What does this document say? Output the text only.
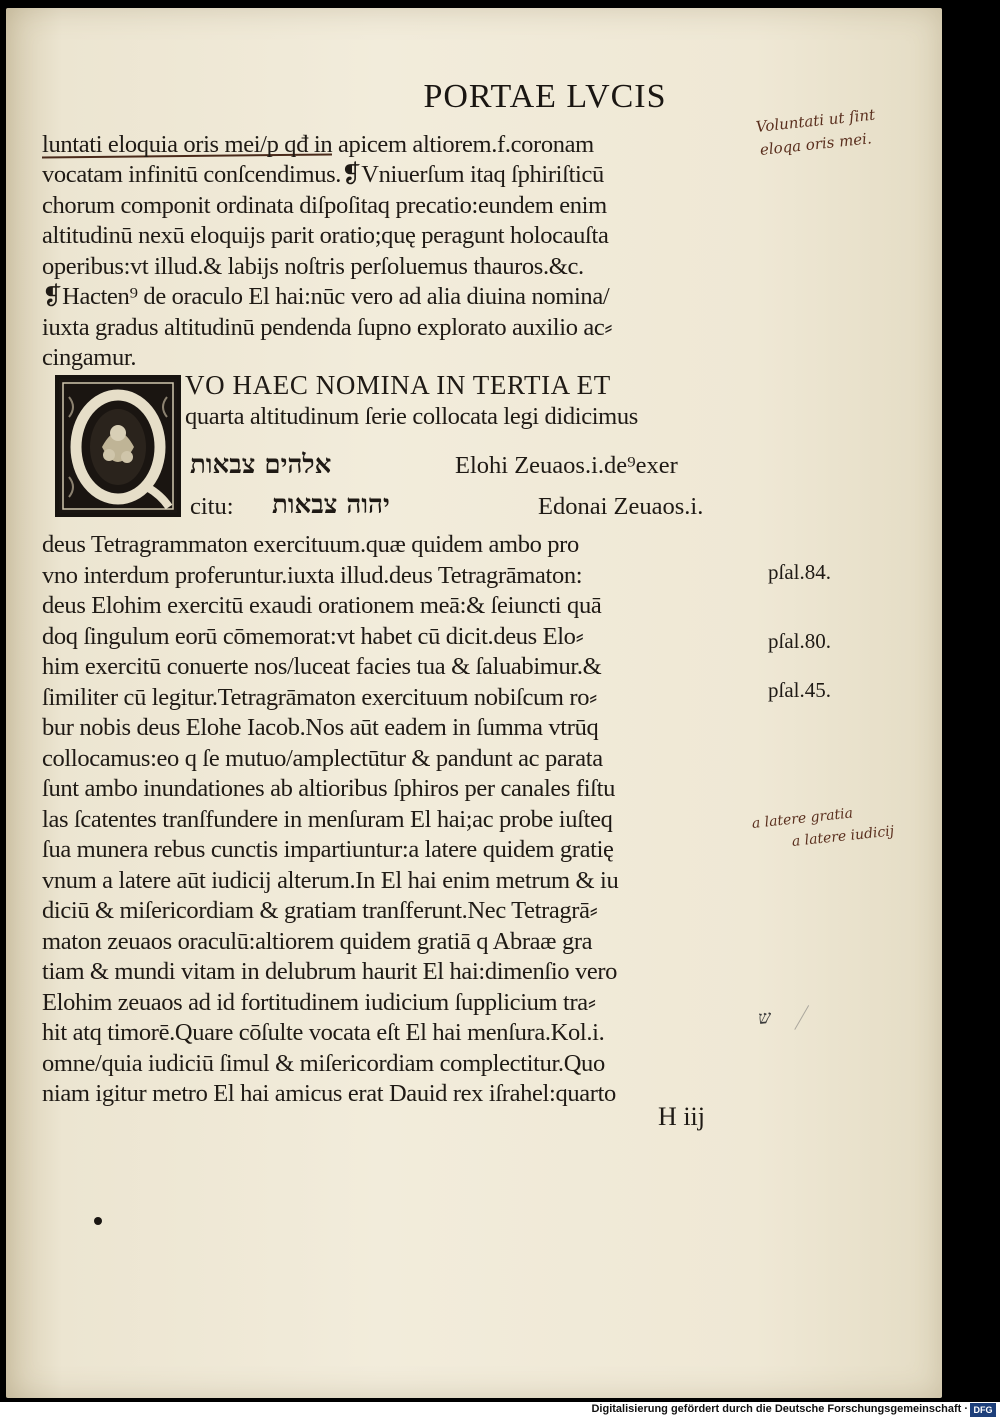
PORTAE LVCIS
luntati eloquia oris mei/p qđ in apicem altiorem.f.coronam
vocatam infinitū conſcendimus.❡Vniuerſum itaq ſphiriſticū
chorum componit ordinata diſpoſitaq precatio:eundem enim
altitudinū nexū eloquijs parit oratio;quę peragunt holocauſta
operibus:vt illud.& labijs noſtris perſoluemus thauros.&c.
❡Hacten⁹ de oraculo El hai:nūc vero ad alia diuina nomina/
iuxta gradus altitudinū pendenda ſupno explorato auxilio ac⸗
cingamur.
VO HAEC NOMINA IN TERTIA ET
quarta altitudinum ſerie collocata legi didicimus
אלהים צבאות	Elohi Zeuaos.i.de⁹exer
citu: יהוה צבאות	Edonai Zeuaos.i.
deus Tetragrammaton exercituum.quæ quidem ambo pro
vno interdum proferuntur.iuxta illud.deus Tetragrāmaton:
deus Elohim exercitū exaudi orationem meā:& ſeiuncti quā
doq ſingulum eorū cōmemorat:vt habet cū dicit.deus Elo⸗
him exercitū conuerte nos/luceat facies tua & ſaluabimur.&
ſimiliter cū legitur.Tetragrāmaton exercituum nobiſcum ro⸗
bur nobis deus Elohe Iacob.Nos aūt eadem in ſumma vtrūq
collocamus:eo q ſe mutuo/amplectūtur & pandunt ac parata
ſunt ambo inundationes ab altioribus ſphiros per canales fiſtu
las ſcatentes tranſfundere in menſuram El hai;ac probe iuſteq
ſua munera rebus cunctis impartiuntur:a latere quidem gratię
vnum a latere aūt iudicij alterum.In El hai enim metrum & iu
diciū & miſericordiam & gratiam tranſferunt.Nec Tetragrā⸗
maton zeuaos oraculū:altiorem quidem gratiā q Abraæ gra
tiam & mundi vitam in delubrum haurit El hai:dimenſio vero
Elohim zeuaos ad id fortitudinem iudicium ſupplicium tra⸗
hit atq timorē.Quare cōſulte vocata eſt El hai menſura.Kol.i.
omne/quia iudiciū ſimul & miſericordiam complectitur.Quo
niam igitur metro El hai amicus erat Dauid rex iſrahel:quarto
H iij
pſal.84.
pſal.80.
pſal.45.
Voluntati ut ſint
eloqa oris mei.
a latere gratia
a latere iudicij
ש
Digitalisierung gefördert durch die Deutsche Forschungsgemeinschaft · DFG
